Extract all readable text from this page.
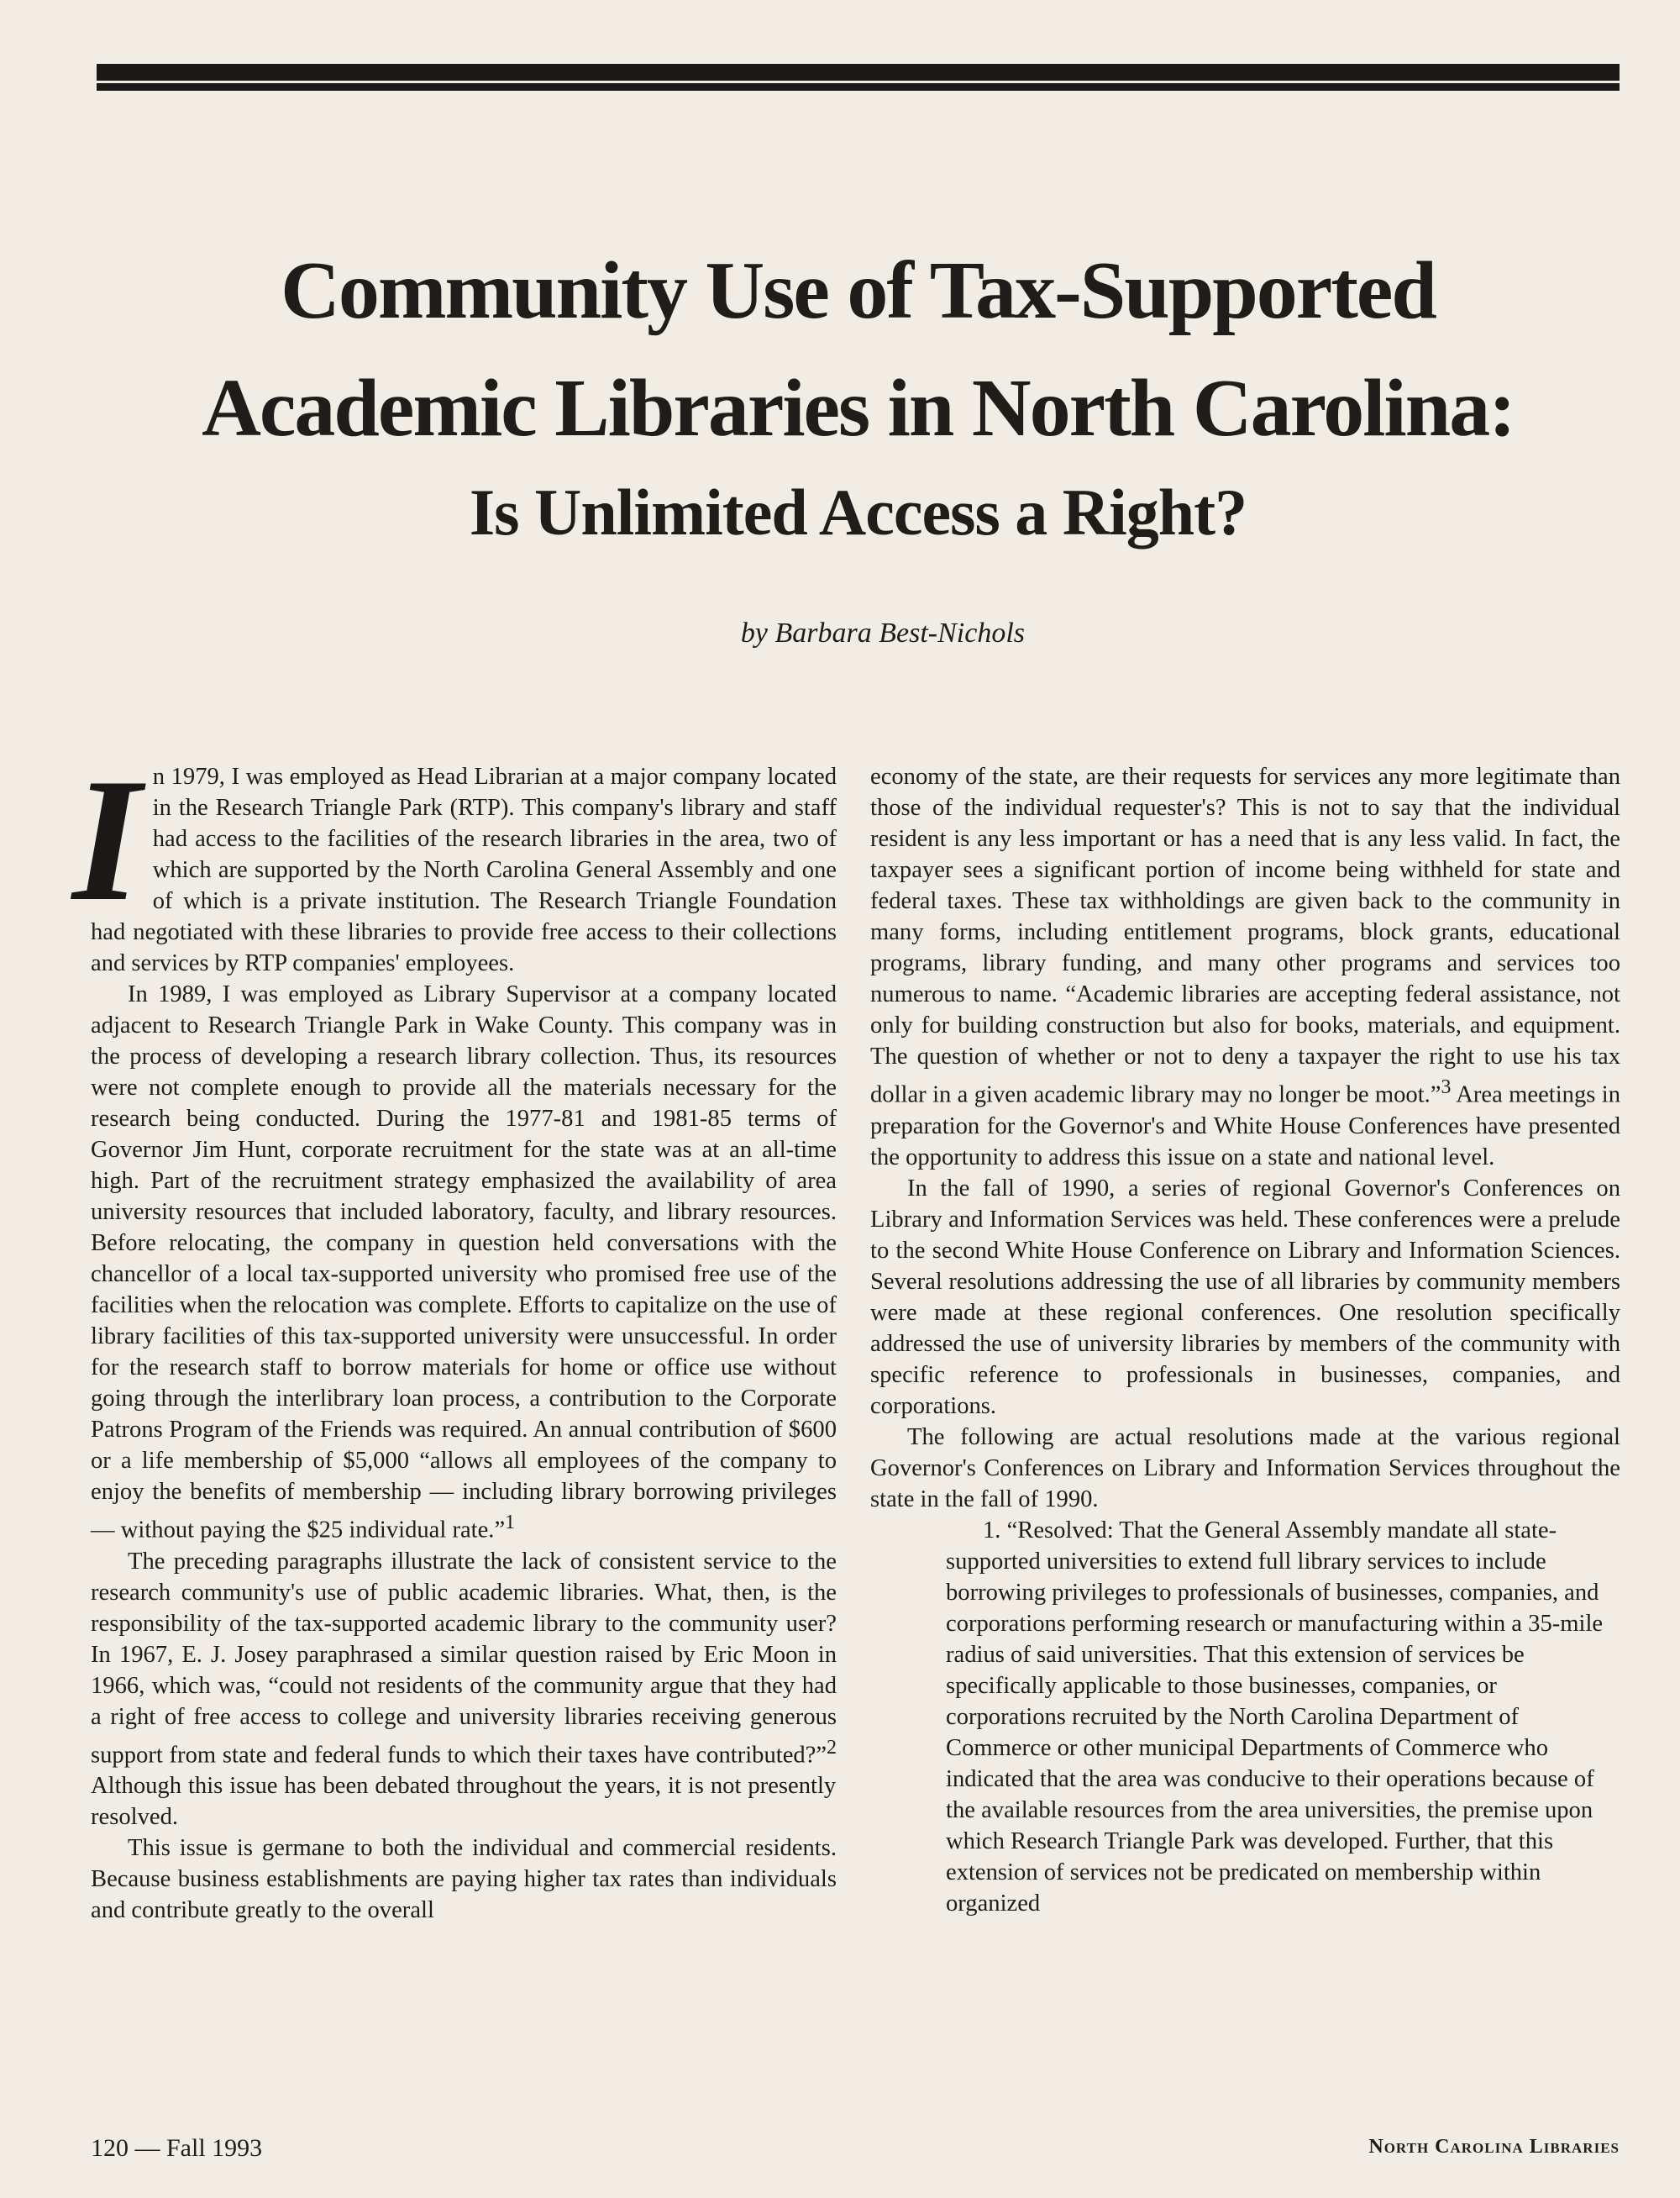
Community Use of Tax-Supported
Academic Libraries in North Carolina:
Is Unlimited Access a Right?
by Barbara Best-Nichols

In 1979, I was employed as Head Librarian at a major company located in the Research Triangle Park (RTP). This company's library and staff had access to the facilities of the research libraries in the area, two of which are supported by the North Carolina General Assembly and one of which is a private institution. The Research Triangle Foundation had negotiated with these libraries to provide free access to their collections and services by RTP companies' employees.

In 1989, I was employed as Library Supervisor at a company located adjacent to Research Triangle Park in Wake County. This company was in the process of developing a research library collection. Thus, its resources were not complete enough to provide all the materials necessary for the research being conducted. During the 1977-81 and 1981-85 terms of Governor Jim Hunt, corporate recruitment for the state was at an all-time high. Part of the recruitment strategy emphasized the availability of area university resources that included laboratory, faculty, and library resources. Before relocating, the company in question held conversations with the chancellor of a local tax-supported university who promised free use of the facilities when the relocation was complete. Efforts to capitalize on the use of library facilities of this tax-supported university were unsuccessful. In order for the research staff to borrow materials for home or office use without going through the interlibrary loan process, a contribution to the Corporate Patrons Program of the Friends was required. An annual contribution of $600 or a life membership of $5,000 “allows all employees of the company to enjoy the benefits of membership — including library borrowing privileges — without paying the $25 individual rate.”$^1$

The preceding paragraphs illustrate the lack of consistent service to the research community's use of public academic libraries. What, then, is the responsibility of the tax-supported academic library to the community user? In 1967, E. J. Josey paraphrased a similar question raised by Eric Moon in 1966, which was, “could not residents of the community argue that they had a right of free access to college and university libraries receiving generous support from state and federal funds to which their taxes have contributed?”$^2$ Although this issue has been debated throughout the years, it is not presently resolved.

This issue is germane to both the individual and commercial residents. Because business establishments are paying higher tax rates than individuals and contribute greatly to the overall

economy of the state, are their requests for services any more legitimate than those of the individual requester's? This is not to say that the individual resident is any less important or has a need that is any less valid. In fact, the taxpayer sees a significant portion of income being withheld for state and federal taxes. These tax withholdings are given back to the community in many forms, including entitlement programs, block grants, educational programs, library funding, and many other programs and services too numerous to name. “Academic libraries are accepting federal assistance, not only for building construction but also for books, materials, and equipment. The question of whether or not to deny a taxpayer the right to use his tax dollar in a given academic library may no longer be moot.”$^3$ Area meetings in preparation for the Governor's and White House Conferences have presented the opportunity to address this issue on a state and national level.

In the fall of 1990, a series of regional Governor's Conferences on Library and Information Services was held. These conferences were a prelude to the second White House Conference on Library and Information Sciences. Several resolutions addressing the use of all libraries by community members were made at these regional conferences. One resolution specifically addressed the use of university libraries by members of the community with specific reference to professionals in businesses, companies, and corporations.

The following are actual resolutions made at the various regional Governor's Conferences on Library and Information Services throughout the state in the fall of 1990.

1. “Resolved: That the General Assembly mandate all state-supported universities to extend full library services to include borrowing privileges to professionals of businesses, companies, and corporations performing research or manufacturing within a 35-mile radius of said universities. That this extension of services be specifically applicable to those businesses, companies, or corporations recruited by the North Carolina Department of Commerce or other municipal Departments of Commerce who indicated that the area was conducive to their operations because of the available resources from the area universities, the premise upon which Research Triangle Park was developed. Further, that this extension of services not be predicated on membership within organized

120 — Fall 1993	North Carolina Libraries
